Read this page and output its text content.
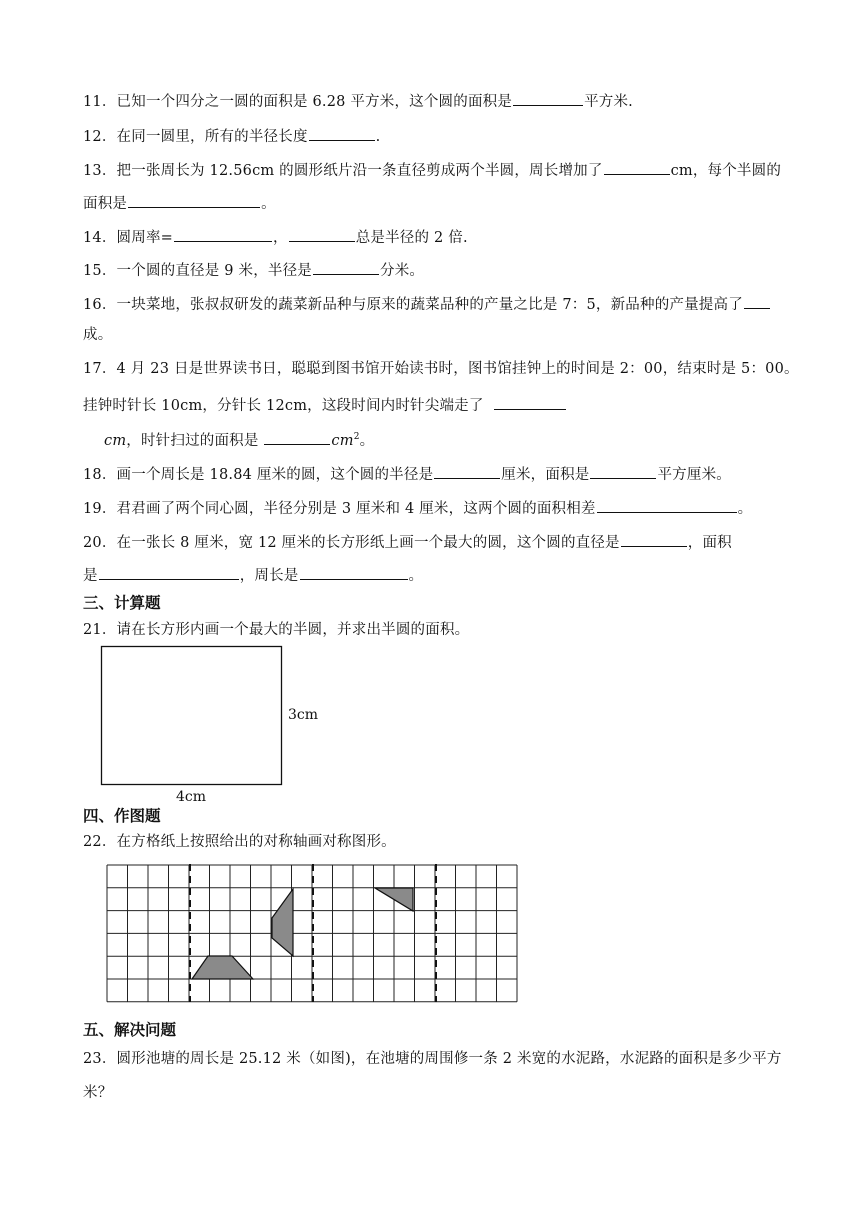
11．已知一个四分之一圆的面积是 6.28 平方米，这个圆的面积是	平方米.
12．在同一圆里，所有的半径长度	.
13．把一张周长为 12.56cm 的圆形纸片沿一条直径剪成两个半圆，周长增加了	cm，每个半圆的
面积是	。
14．圆周率=	，	总是半径的 2 倍.
15．一个圆的直径是 9 米，半径是	分米。
16．一块菜地，张叔叔研发的蔬菜新品种与原来的蔬菜品种的产量之比是 7：5，新品种的产量提高了
成。
17．4 月 23 日是世界读书日，聪聪到图书馆开始读书时，图书馆挂钟上的时间是 2：00，结束时是 5：00。
挂钟时针长 10cm，分针长 12cm，这段时间内时针尖端走了
cm，时针扫过的面积是	$cm^2$。
18．画一个周长是 18.84 厘米的圆，这个圆的半径是	厘米，面积是	平方厘米。
19．君君画了两个同心圆，半径分别是 3 厘米和 4 厘米，这两个圆的面积相差	。
20．在一张长 8 厘米，宽 12 厘米的长方形纸上画一个最大的圆，这个圆的直径是	，面积
是	，周长是	。
三、计算题
21．请在长方形内画一个最大的半圆，并求出半圆的面积。
3cm
4cm
四、作图题
22．在方格纸上按照给出的对称轴画对称图形。
五、解决问题
23．圆形池塘的周长是 25.12 米（如图)，在池塘的周围修一条 2 米宽的水泥路，水泥路的面积是多少平方
米？
